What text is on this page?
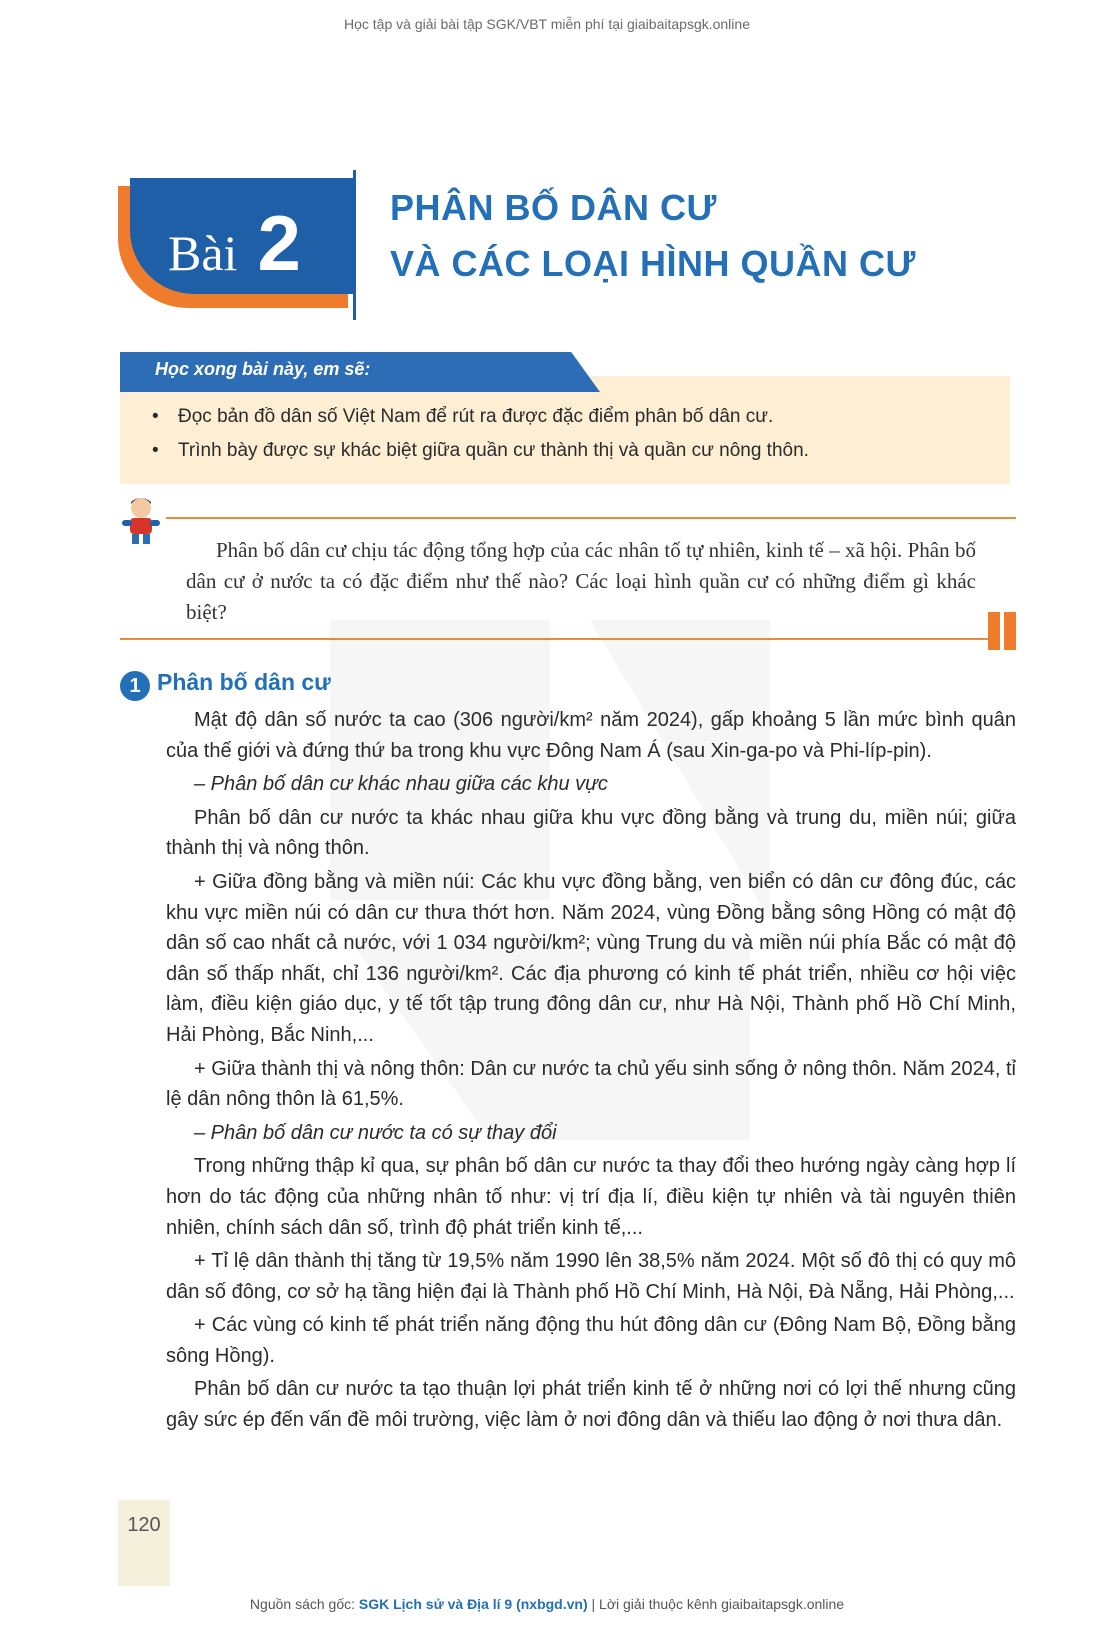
Học tập và giải bài tập SGK/VBT miễn phí tại giaibaitapsgk.online
Bài 2 PHÂN BỐ DÂN CƯ
VÀ CÁC LOẠI HÌNH QUẦN CƯ
Học xong bài này, em sẽ:
• Đọc bản đồ dân số Việt Nam để rút ra được đặc điểm phân bố dân cư.
• Trình bày được sự khác biệt giữa quần cư thành thị và quần cư nông thôn.
Phân bố dân cư chịu tác động tổng hợp của các nhân tố tự nhiên, kinh tế – xã hội. Phân bố dân cư ở nước ta có đặc điểm như thế nào? Các loại hình quần cư có những điểm gì khác biệt?
1 Phân bố dân cư

Mật độ dân số nước ta cao (306 người/km² năm 2024), gấp khoảng 5 lần mức bình quân của thế giới và đứng thứ ba trong khu vực Đông Nam Á (sau Xin-ga-po và Phi-líp-pin).

– Phân bố dân cư khác nhau giữa các khu vực

Phân bố dân cư nước ta khác nhau giữa khu vực đồng bằng và trung du, miền núi; giữa thành thị và nông thôn.

+ Giữa đồng bằng và miền núi: Các khu vực đồng bằng, ven biển có dân cư đông đúc, các khu vực miền núi có dân cư thưa thớt hơn. Năm 2024, vùng Đồng bằng sông Hồng có mật độ dân số cao nhất cả nước, với 1 034 người/km²; vùng Trung du và miền núi phía Bắc có mật độ dân số thấp nhất, chỉ 136 người/km². Các địa phương có kinh tế phát triển, nhiều cơ hội việc làm, điều kiện giáo dục, y tế tốt tập trung đông dân cư, như Hà Nội, Thành phố Hồ Chí Minh, Hải Phòng, Bắc Ninh,...

+ Giữa thành thị và nông thôn: Dân cư nước ta chủ yếu sinh sống ở nông thôn. Năm 2024, tỉ lệ dân nông thôn là 61,5%.

– Phân bố dân cư nước ta có sự thay đổi

Trong những thập kỉ qua, sự phân bố dân cư nước ta thay đổi theo hướng ngày càng hợp lí hơn do tác động của những nhân tố như: vị trí địa lí, điều kiện tự nhiên và tài nguyên thiên nhiên, chính sách dân số, trình độ phát triển kinh tế,...

+ Tỉ lệ dân thành thị tăng từ 19,5% năm 1990 lên 38,5% năm 2024. Một số đô thị có quy mô dân số đông, cơ sở hạ tầng hiện đại là Thành phố Hồ Chí Minh, Hà Nội, Đà Nẵng, Hải Phòng,...

+ Các vùng có kinh tế phát triển năng động thu hút đông dân cư (Đông Nam Bộ, Đồng bằng sông Hồng).

Phân bố dân cư nước ta tạo thuận lợi phát triển kinh tế ở những nơi có lợi thế nhưng cũng gây sức ép đến vấn đề môi trường, việc làm ở nơi đông dân và thiếu lao động ở nơi thưa dân.

120
Nguồn sách gốc: SGK Lịch sử và Địa lí 9 (nxbgd.vn) | Lời giải thuộc kênh giaibaitapsgk.online
